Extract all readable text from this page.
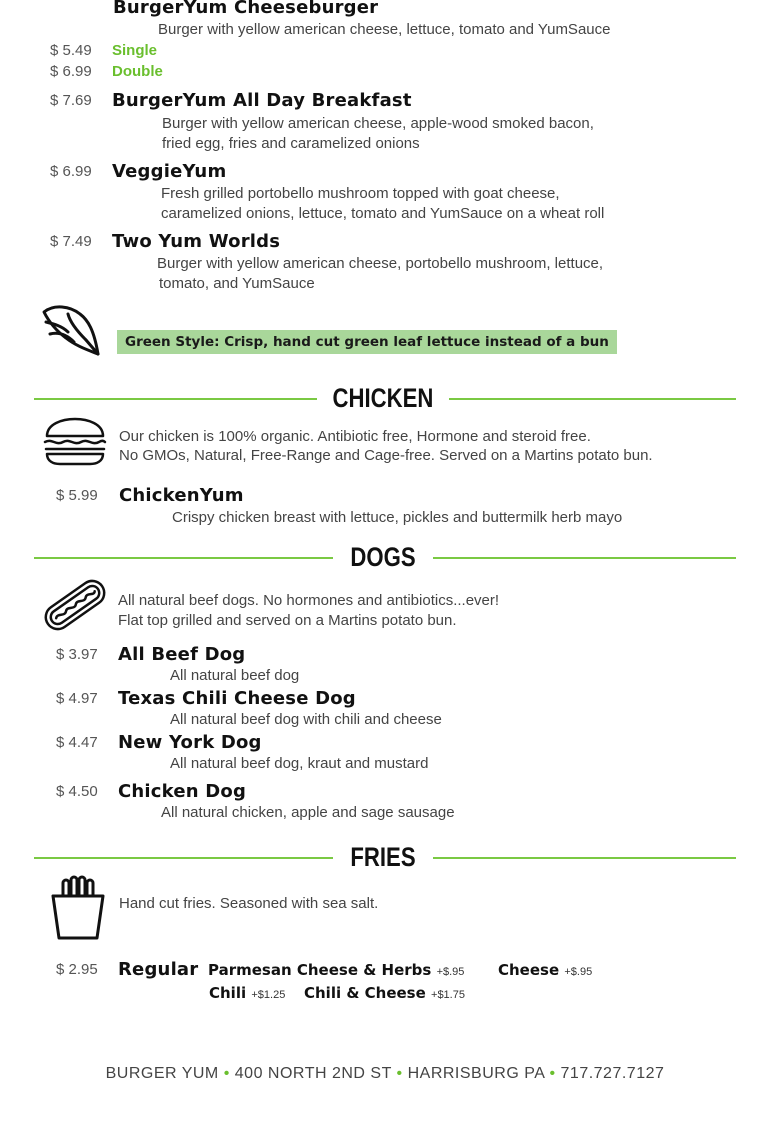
BurgerYum Cheeseburger
Burger with yellow american cheese, lettuce, tomato and YumSauce
$ 5.49 Single
$ 6.99 Double
$ 7.69 BurgerYum All Day Breakfast
Burger with yellow american cheese, apple-wood smoked bacon,
fried egg, fries and caramelized onions
$ 6.99 VeggieYum
Fresh grilled portobello mushroom topped with goat cheese,
caramelized onions, lettuce, tomato and YumSauce on a wheat roll
$ 7.49 Two Yum Worlds
Burger with yellow american cheese, portobello mushroom, lettuce,
tomato, and YumSauce
Green Style: Crisp, hand cut green leaf lettuce instead of a bun
CHICKEN
Our chicken is 100% organic. Antibiotic free, Hormone and steroid free.
No GMOs, Natural, Free-Range and Cage-free. Served on a Martins potato bun.
$ 5.99 ChickenYum
Crispy chicken breast with lettuce, pickles and buttermilk herb mayo
DOGS
All natural beef dogs. No hormones and antibiotics...ever!
Flat top grilled and served on a Martins potato bun.
$ 3.97 All Beef Dog
All natural beef dog
$ 4.97 Texas Chili Cheese Dog
All natural beef dog with chili and cheese
$ 4.47 New York Dog
All natural beef dog, kraut and mustard
$ 4.50 Chicken Dog
All natural chicken, apple and sage sausage
FRIES
Hand cut fries. Seasoned with sea salt.
$ 2.95 Regular Parmesan Cheese & Herbs +$.95 Cheese +$.95
Chili +$1.25 Chili & Cheese +$1.75
BURGER YUM • 400 NORTH 2ND ST • HARRISBURG PA • 717.727.7127
